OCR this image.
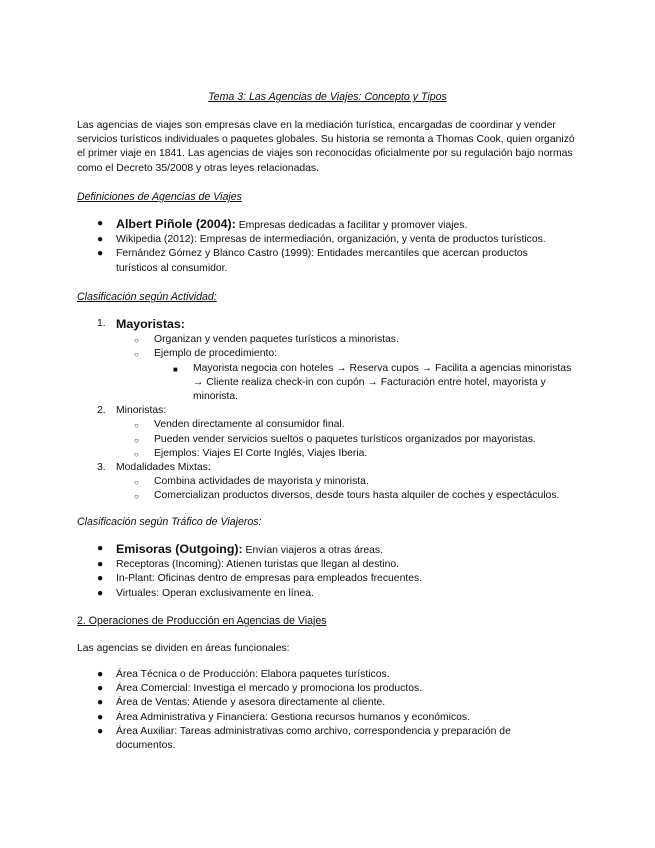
Tema 3: Las Agencias de Viajes: Concepto y Tipos
Las agencias de viajes son empresas clave en la mediación turística, encargadas de coordinar y vender servicios turísticos individuales o paquetes globales. Su historia se remonta a Thomas Cook, quien organizó el primer viaje en 1841. Las agencias de viajes son reconocidas oficialmente por su regulación bajo normas como el Decreto 35/2008 y otras leyes relacionadas.
Definiciones de Agencias de Viajes
● Albert Piñole (2004): Empresas dedicadas a facilitar y promover viajes.
● Wikipedia (2012): Empresas de intermediación, organización, y venta de productos turísticos.
● Fernández Gómez y Blanco Castro (1999): Entidades mercantiles que acercan productos turísticos al consumidor.
Clasificación según Actividad:
1. Mayoristas:
○ Organizan y venden paquetes turísticos a minoristas.
○ Ejemplo de procedimiento:
■ Mayorista negocia con hoteles → Reserva cupos → Facilita a agencias minoristas → Cliente realiza check-in con cupón → Facturación entre hotel, mayorista y minorista.
2. Minoristas:
○ Venden directamente al consumidor final.
○ Pueden vender servicios sueltos o paquetes turísticos organizados por mayoristas.
○ Ejemplos: Viajes El Corte Inglés, Viajes Iberia.
3. Modalidades Mixtas:
○ Combina actividades de mayorista y minorista.
○ Comercializan productos diversos, desde tours hasta alquiler de coches y espectáculos.
Clasificación según Tráfico de Viajeros:
● Emisoras (Outgoing): Envían viajeros a otras áreas.
● Receptoras (Incoming): Atienen turistas que llegan al destino.
● In-Plant: Oficinas dentro de empresas para empleados frecuentes.
● Virtuales: Operan exclusivamente en línea.
2. Operaciones de Producción en Agencias de Viajes
Las agencias se dividen en áreas funcionales:
● Área Técnica o de Producción: Elabora paquetes turísticos.
● Área Comercial: Investiga el mercado y promociona los productos.
● Área de Ventas: Atiende y asesora directamente al cliente.
● Área Administrativa y Financiera: Gestiona recursos humanos y económicos.
● Área Auxiliar: Tareas administrativas como archivo, correspondencia y preparación de documentos.
